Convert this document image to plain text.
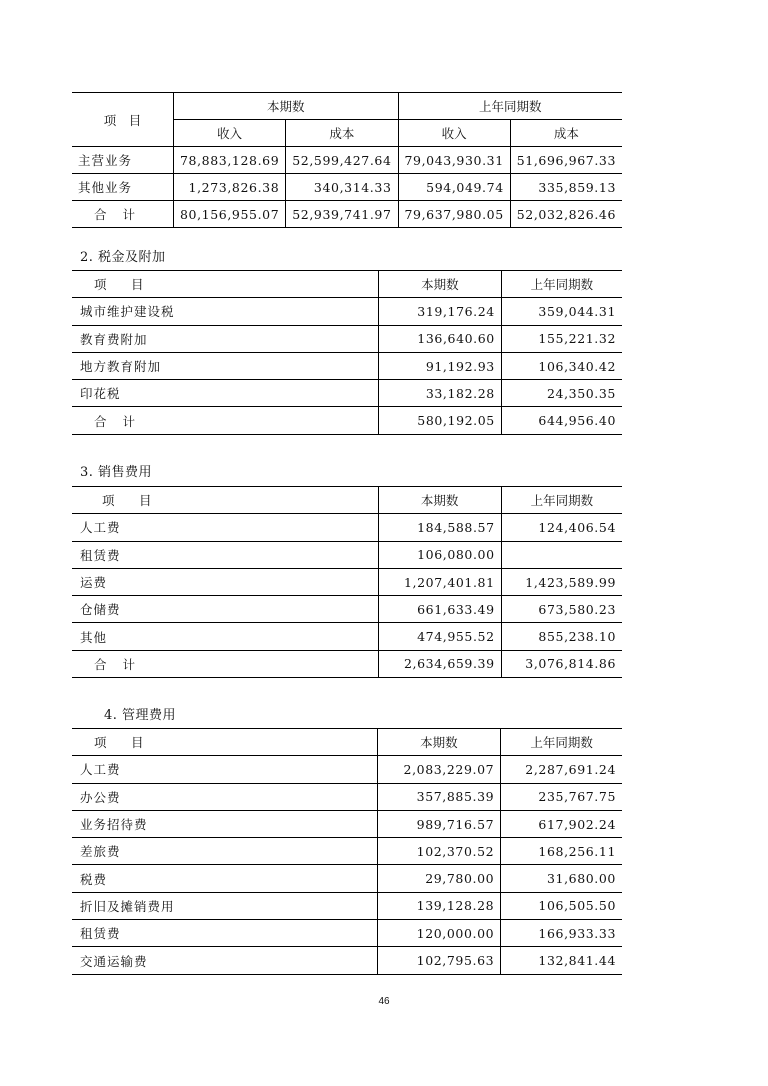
项　目	本期数		上年同期数	
	收入	成本	收入	成本
主营业务	78,883,128.69	52,599,427.64	79,043,930.31	51,696,967.33
其他业务	1,273,826.38	340,314.33	594,049.74	335,859.13
合 计	80,156,955.07	52,939,741.97	79,637,980.05	52,032,826.46
2. 税金及附加
项　目	本期数	上年同期数
城市维护建设税	319,176.24	359,044.31
教育费附加	136,640.60	155,221.32
地方教育附加	91,192.93	106,340.42
印花税	33,182.28	24,350.35
合 计	580,192.05	644,956.40
3. 销售费用
项　目	本期数	上年同期数
人工费	184,588.57	124,406.54
租赁费	106,080.00	
运费	1,207,401.81	1,423,589.99
仓储费	661,633.49	673,580.23
其他	474,955.52	855,238.10
合 计	2,634,659.39	3,076,814.86
4. 管理费用
项　目	本期数	上年同期数
人工费	2,083,229.07	2,287,691.24
办公费	357,885.39	235,767.75
业务招待费	989,716.57	617,902.24
差旅费	102,370.52	168,256.11
税费	29,780.00	31,680.00
折旧及摊销费用	139,128.28	106,505.50
租赁费	120,000.00	166,933.33
交通运输费	102,795.63	132,841.44
46
